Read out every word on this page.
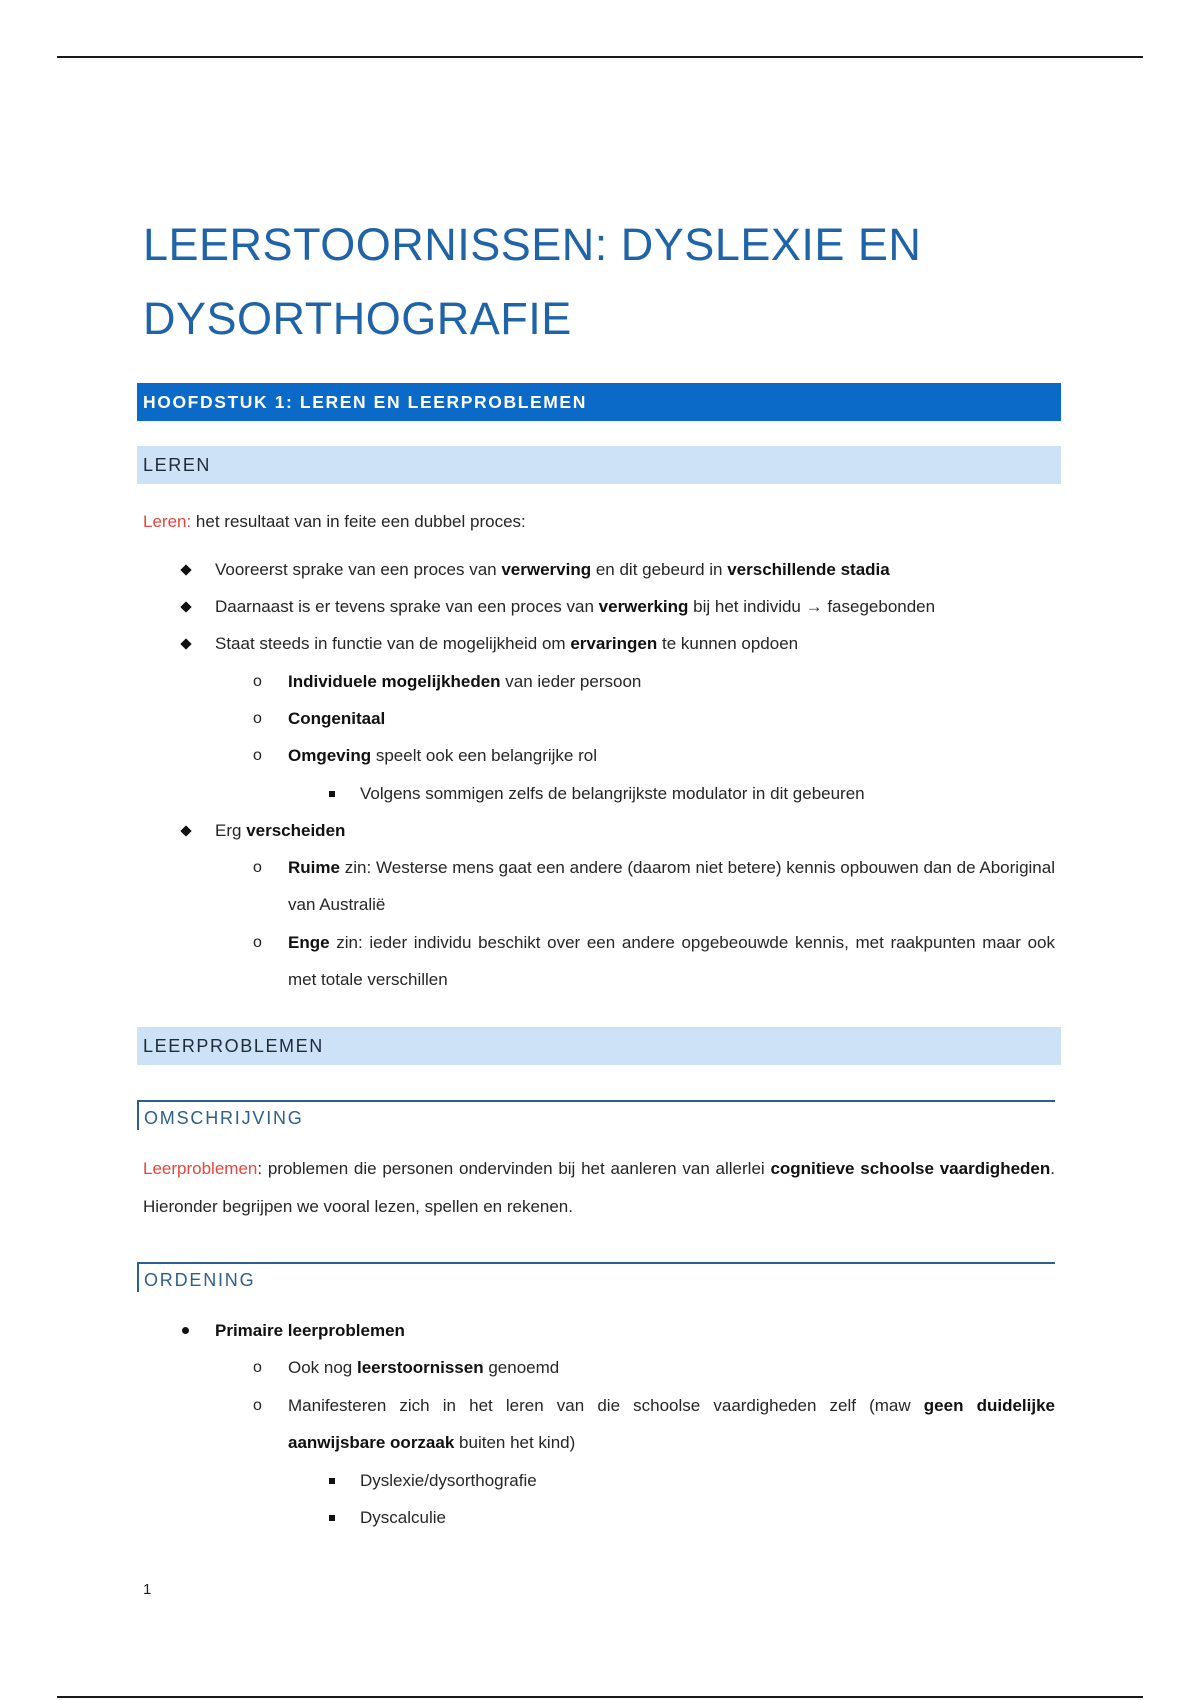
LEERSTOORNISSEN: DYSLEXIE EN
DYSORTHOGRAFIE
HOOFDSTUK 1: LEREN EN LEERPROBLEMEN
LEREN

Leren: het resultaat van in feite een dubbel proces:

Vooreerst sprake van een proces van verwerving en dit gebeurd in verschillende stadia
Daarnaast is er tevens sprake van een proces van verwerking bij het individu → fasegebonden
Staat steeds in functie van de mogelijkheid om ervaringen te kunnen opdoen
o Individuele mogelijkheden van ieder persoon
o Congenitaal
o Omgeving speelt ook een belangrijke rol
Volgens sommigen zelfs de belangrijkste modulator in dit gebeuren
Erg verscheiden
o Ruime zin: Westerse mens gaat een andere (daarom niet betere) kennis opbouwen dan de Aboriginal van Australië
o Enge zin: ieder individu beschikt over een andere opgebeouwde kennis, met raakpunten maar ook met totale verschillen
LEERPROBLEMEN
OMSCHRIJVING

Leerproblemen: problemen die personen ondervinden bij het aanleren van allerlei cognitieve schoolse vaardigheden. Hieronder begrijpen we vooral lezen, spellen en rekenen.

ORDENING
Primaire leerproblemen
o Ook nog leerstoornissen genoemd
o Manifesteren zich in het leren van die schoolse vaardigheden zelf (maw geen duidelijke aanwijsbare oorzaak buiten het kind)
Dyslexie/dysorthografie
Dyscalculie
1
